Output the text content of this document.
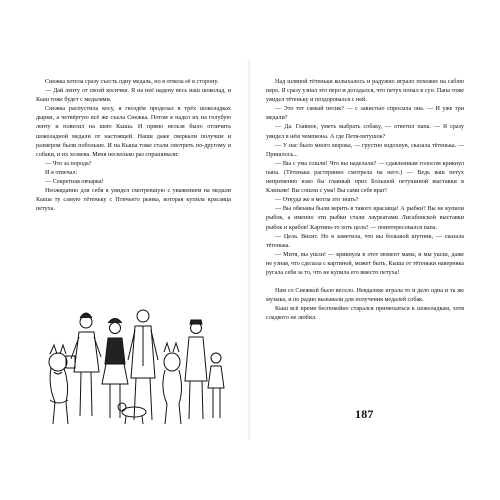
Снежка хотела сразу съесть одну медаль, но я отвела её в сторону.

— Дай ленту от своей косички. Я на неё надену весь наш шоколад, и Кыш тоже будет с медалями.

Снежка распустила косу, я гвоздём проделал в трёх шоколадках дырки, а четвёртую всё же съела Снежка. Потом я надел их на голубую ленту и повесил на шею Кыша. И прямо нельзя было отличить шоколадной медали от настоящей. Наши даже сверкали получше и размером были побольше. И на Кыша тоже стали смотреть по-другому и собаки, и их хозяева. Меня несколько раз спрашивали:

— Что за порода?

И я отвечал:

— Секретная овчарка!

Неожиданно для себя я увидел смотревшую с уважением на медали Кыша ту самую тётеньку с Птичьего рынка, которая купила красавца петуха.

Над шляпой тётеньки колыхалось и радужно играло похожее на саблю перо. Я сразу узнал это перо и догадался, что петух попал в суп. Папа тоже увидел тётеньку и поздоровался с ней.

— Это тот самый песик? — с завистью спросила она. — И уже три медали?

— Да. Главное, уметь выбрать собаку, — ответил папа. — Я сразу увидел в нём чемпиона. А где Петя-петушок?

— У нас было много морока, — грустно вздохнув, сказала тётенька. — Пришлось...

— Вы с ума сошли! Что вы наделали? — сдавленным голосом крикнул папа. (Тётенька растерянно смотрела на него.) — Ведь ваш петух непременно взял бы главный приз Большой петушиной выставки в Клязьме! Вы сошли с ума! Вы сами себе враг!

— Откуда же я могла это знать?

— Вы обязаны были верить в такого красавца! А рыбки? Вы не купили рыбок, а именно эти рыбки стали лауреатами Лисабонской выставки рыбок и крабов! Картина-то хоть цела? — поинтересовался папа.

— Цела. Висит. Но я заметила, что вы большой шутник, — сказала тётенька.

— Митя, вы ушли! — крикнула в этот момент мама, и мы ушли, даже не узнав, что сделала с картиной, может быть, Кыша от тётеньки наверняка ругала себя за то, что не купила его вместо петуха!

Нам со Снежкой было весело. Невдалеке играла то и дело одна и та же музыка, и по радио вызывали для получения медалей собак.

Кыш всё время беспокойно старался принюхаться к шоколадкам, хотя сладкого не любил.

187
